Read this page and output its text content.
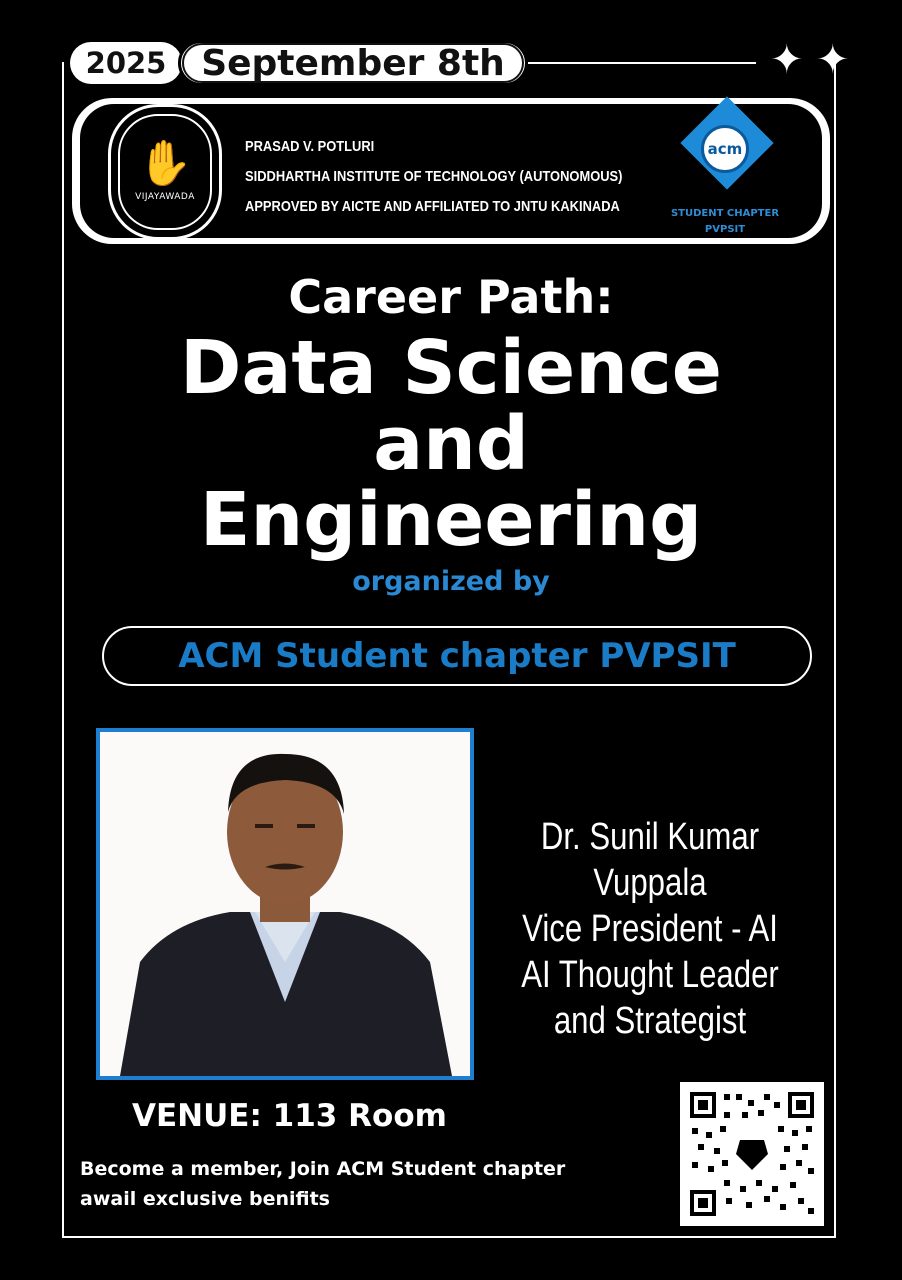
2025 September 8th	✦ ✦
✋
VIJAYAWADA
PRASAD V. POTLURI
SIDDHARTHA INSTITUTE OF TECHNOLOGY (AUTONOMOUS)
APPROVED BY AICTE AND AFFILIATED TO JNTU KAKINADA
acm
STUDENT CHAPTER
PVPSIT
Career Path:
Data Science
and
Engineering
organized by
ACM Student chapter PVPSIT
Dr. Sunil Kumar Vuppala
Vice President - AI
AI Thought Leader
and Strategist
VENUE: 113 Room
Become a member, Join ACM Student chapter
awail exclusive benifits
